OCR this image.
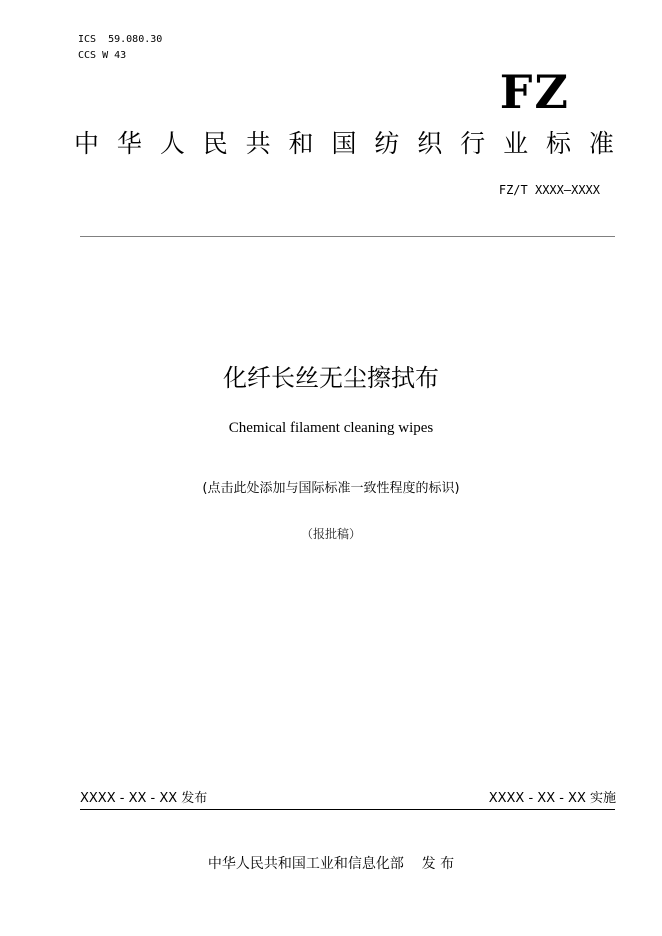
ICS  59.080.30
CCS W 43
FZ
中 华 人 民 共 和 国 纺 织 行 业 标 准
FZ/T XXXX—XXXX
化纤长丝无尘擦拭布
Chemical filament cleaning wipes
(点击此处添加与国际标准一致性程度的标识)
（报批稿）
XXXX - XX - XX 发布	XXXX - XX - XX 实施
中华人民共和国工业和信息化部    发 布
